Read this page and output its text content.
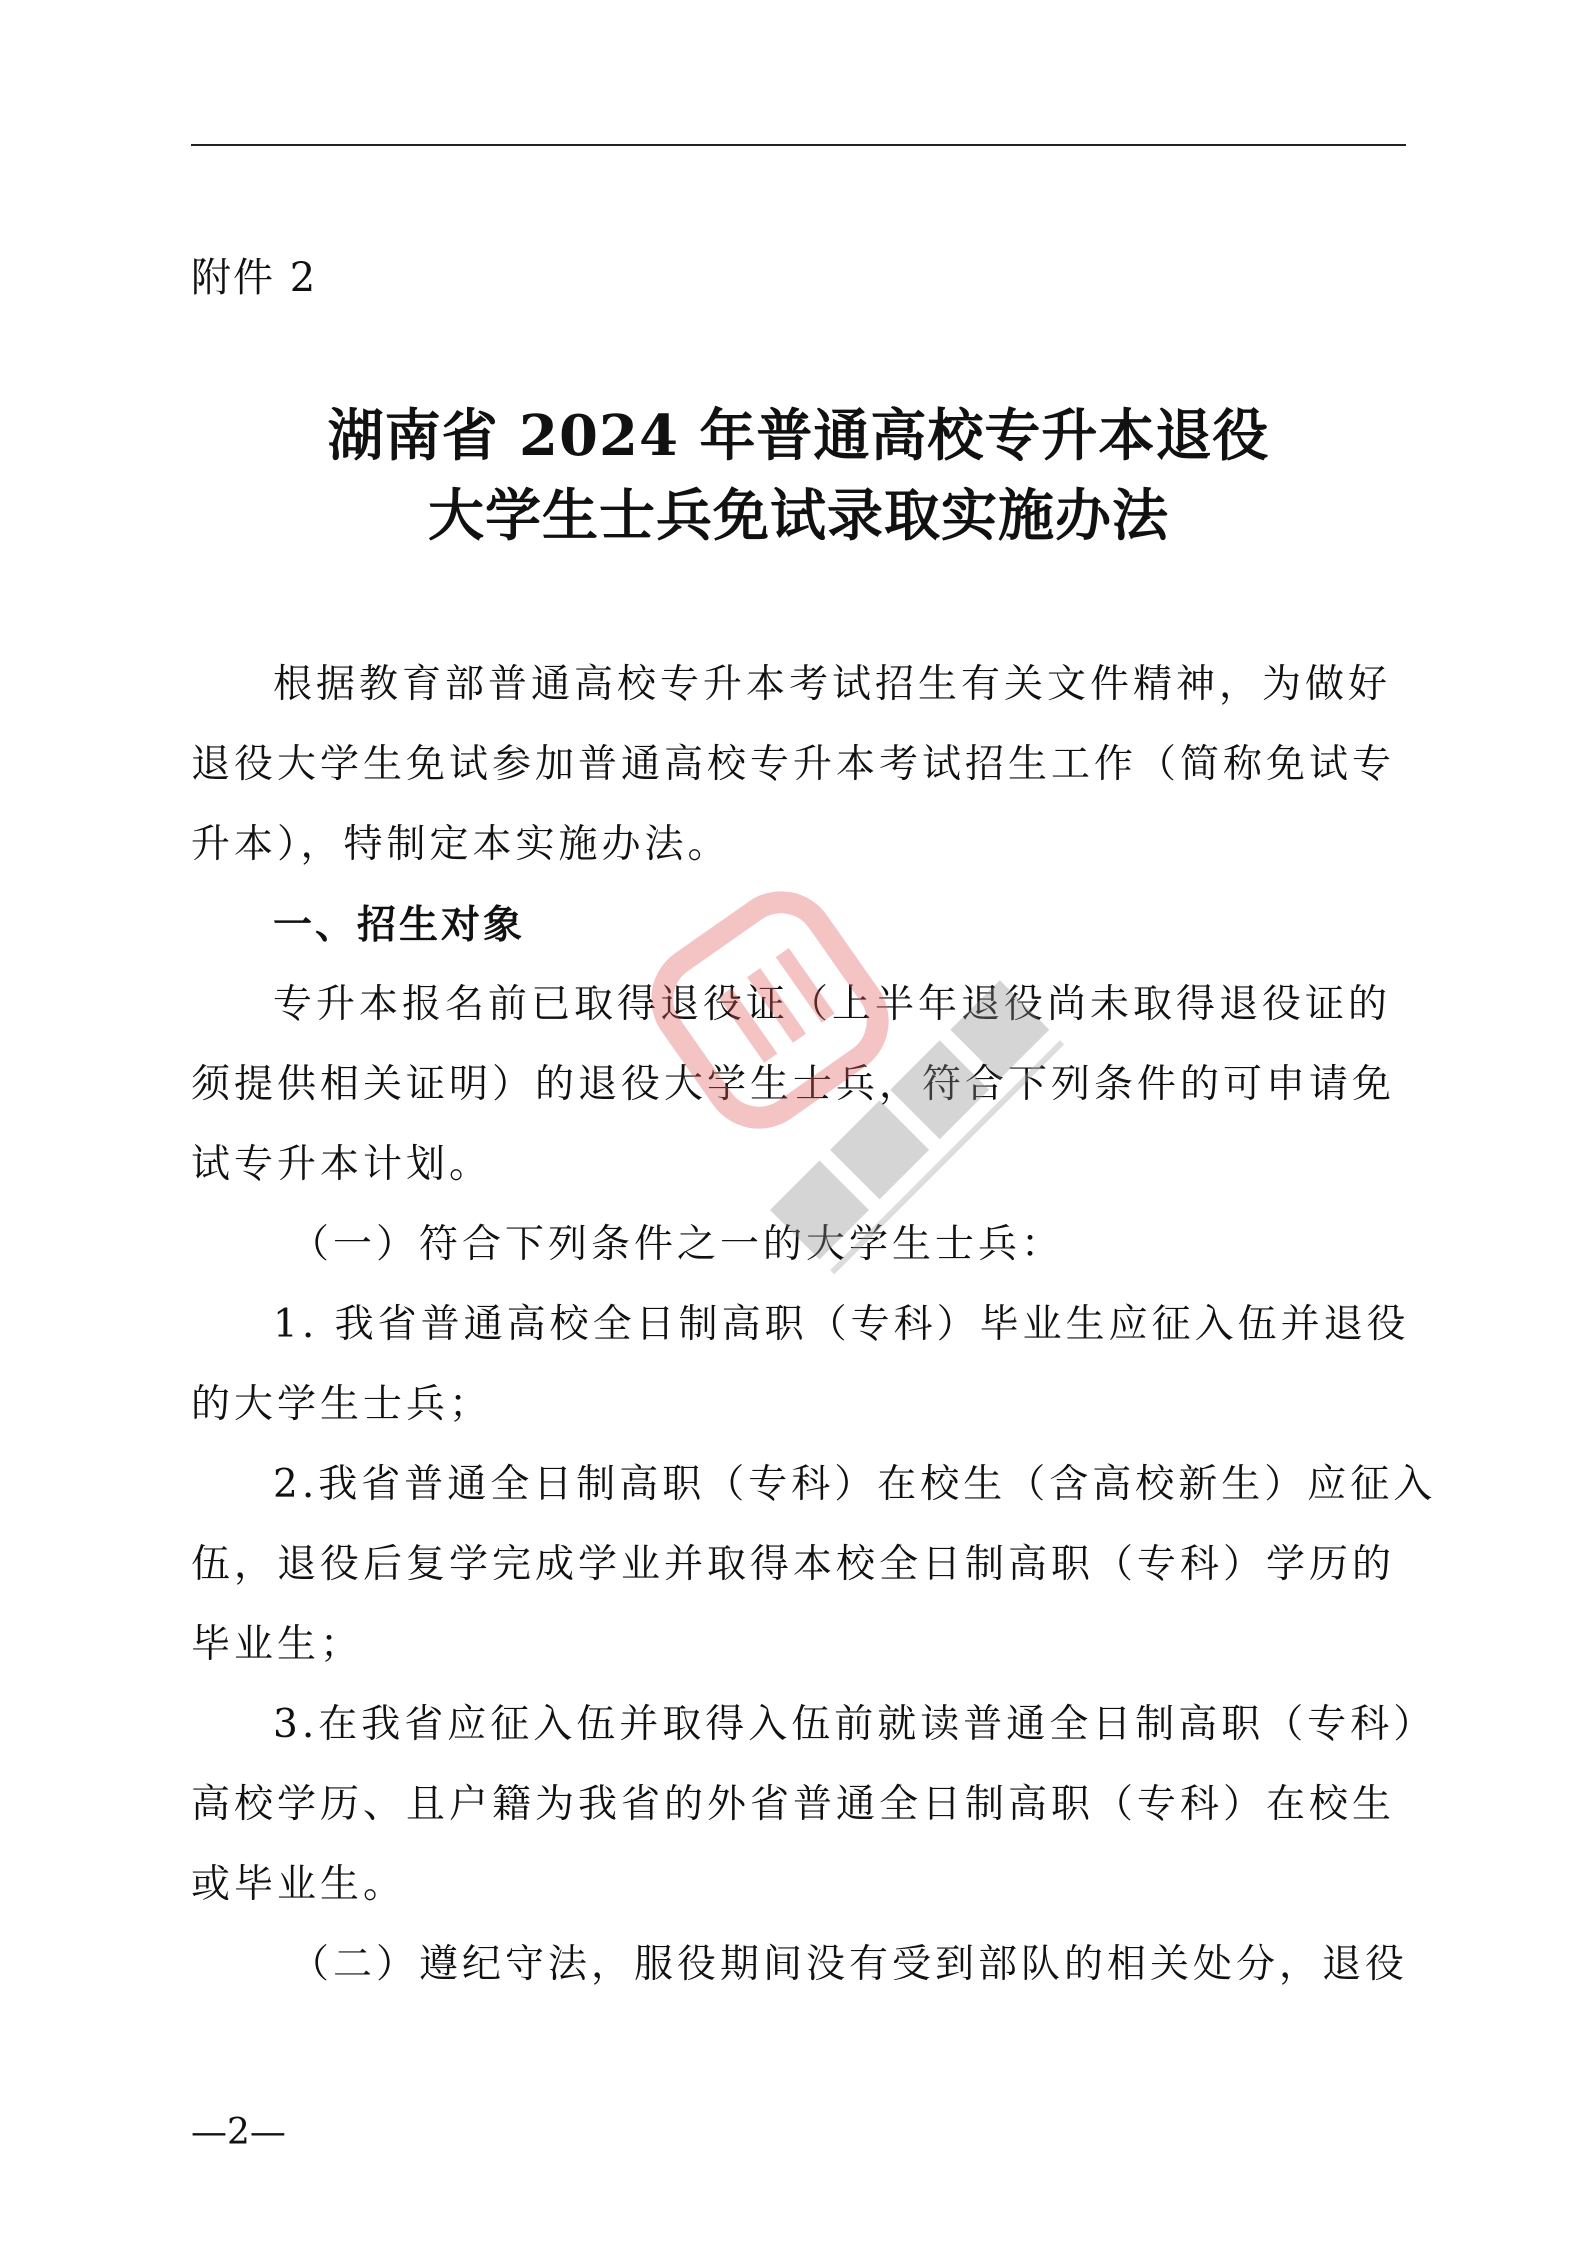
附件 2
湖南省 2024 年普通高校专升本退役
大学生士兵免试录取实施办法
根据教育部普通高校专升本考试招生有关文件精神，为做好
退役大学生免试参加普通高校专升本考试招生工作（简称免试专
升本），特制定本实施办法。
一、招生对象
专升本报名前已取得退役证（上半年退役尚未取得退役证的
须提供相关证明）的退役大学生士兵，符合下列条件的可申请免
试专升本计划。
（一）符合下列条件之一的大学生士兵：
1. 我省普通高校全日制高职（专科）毕业生应征入伍并退役
的大学生士兵；
2.我省普通全日制高职（专科）在校生（含高校新生）应征入
伍，退役后复学完成学业并取得本校全日制高职（专科）学历的
毕业生；
3.在我省应征入伍并取得入伍前就读普通全日制高职（专科）
高校学历、且户籍为我省的外省普通全日制高职（专科）在校生
或毕业生。
（二）遵纪守法，服役期间没有受到部队的相关处分，退役
—2—
